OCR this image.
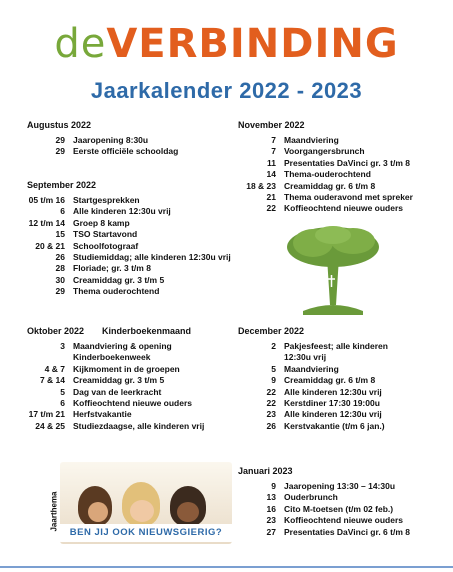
deVERBINDING
Jaarkalender 2022 - 2023
Augustus 2022
29 Jaaropening 8:30u
29 Eerste officiële schooldag
September 2022
05 t/m 16 Startgesprekken
6 Alle kinderen 12:30u vrij
12 t/m 14 Groep 8 kamp
15 TSO Startavond
20 & 21 Schoolfotograaf
26 Studiemiddag; alle kinderen 12:30u vrij
28 Floriade; gr. 3 t/m 8
30 Creamiddag gr. 3 t/m 5
29 Thema ouderochtend
Oktober 2022 Kinderboekenmaand
3 Maandviering & opening Kinderboekenweek
4 & 7 Kijkmoment in de groepen
7 & 14 Creamiddag gr. 3 t/m 5
5 Dag van de leerkracht
6 Koffieochtend nieuwe ouders
17 t/m 21 Herfstvakantie
24 & 25 Studiezdaagse, alle kinderen vrij
November 2022
7 Maandviering
7 Voorgangersbrunch
11 Presentaties DaVinci gr. 3 t/m 8
14 Thema-ouderochtend
18 & 23 Creamiddag gr. 6 t/m 8
21 Thema ouderavond met spreker
22 Koffieochtend nieuwe ouders
December 2022
2 Pakjesfeest; alle kinderen 12:30u vrij
5 Maandviering
9 Creamiddag gr. 6 t/m 8
22 Alle kinderen 12:30u vrij
22 Kerstdiner 17:30 19:00u
23 Alle kinderen 12:30u vrij
26 Kerstvakantie (t/m 6 jan.)
Januari 2023
9 Jaaropening 13:30 – 14:30u
13 Ouderbrunch
16 Cito M-toetsen (t/m 02 feb.)
23 Koffieochtend nieuwe ouders
27 Presentaties DaVinci gr. 6 t/m 8
BEN JIJ OOK NIEUWSGIERIG?
Jaarthema
